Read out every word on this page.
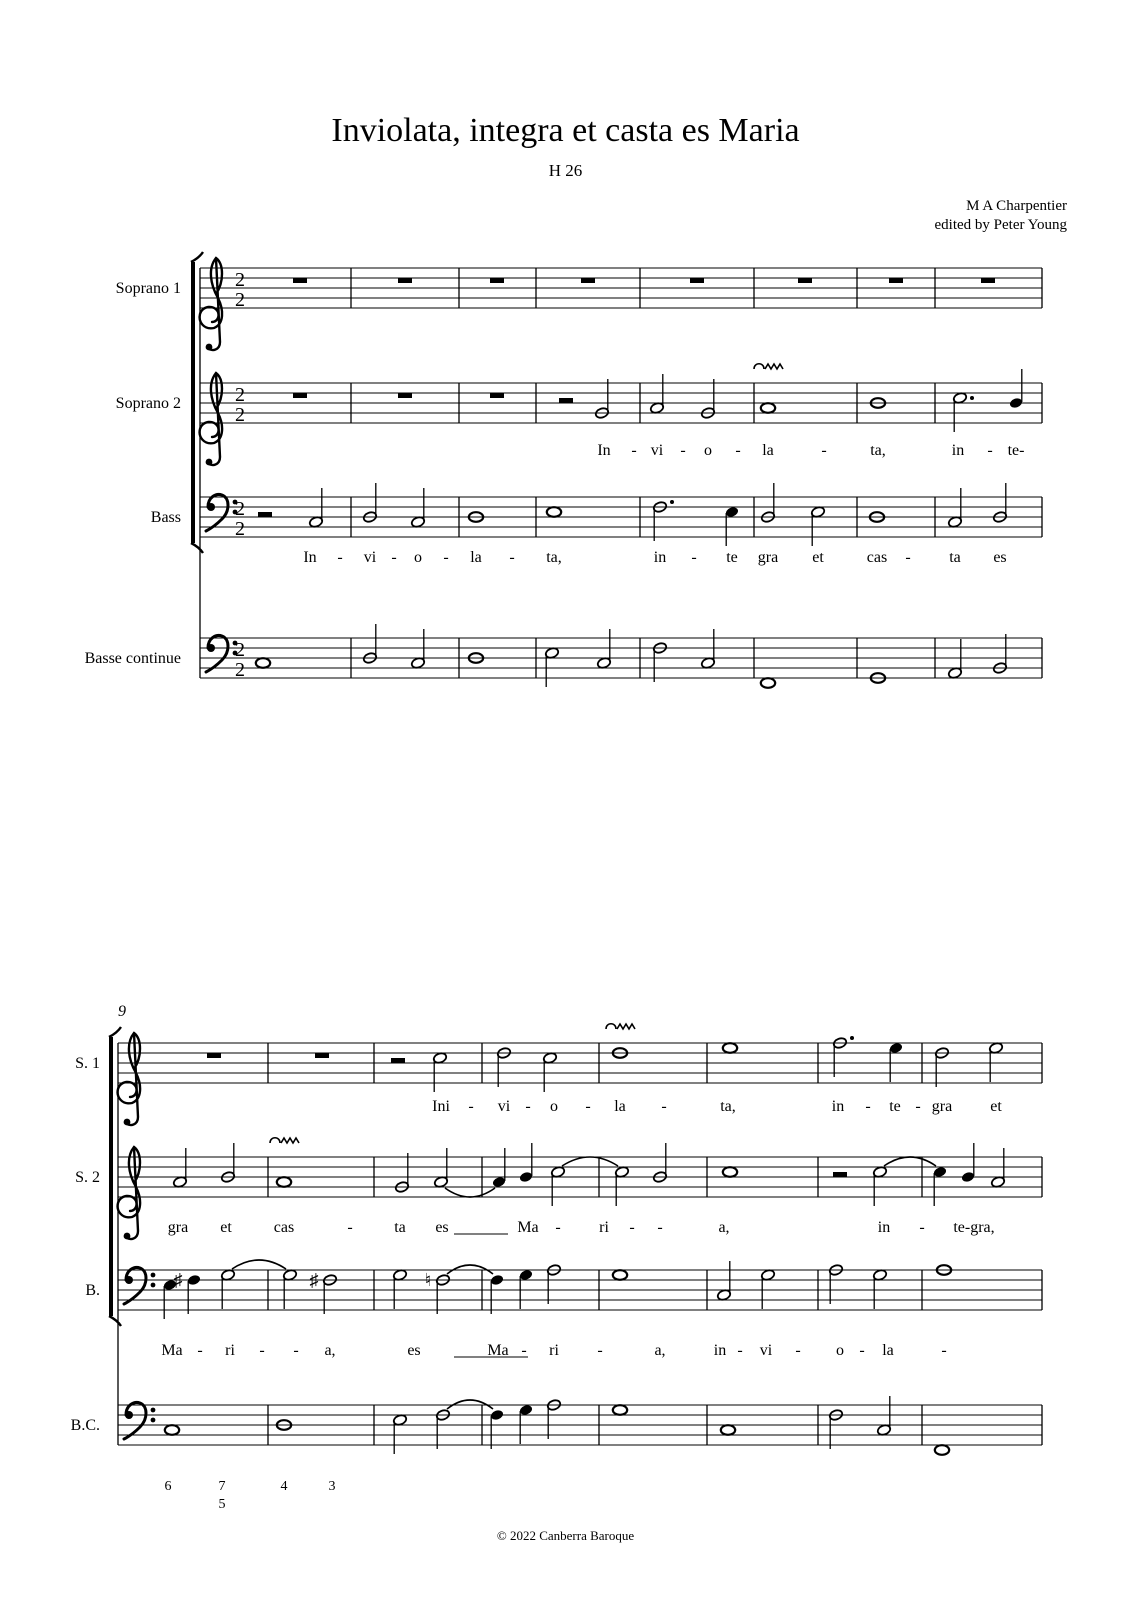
Inviolata, integra et casta es Maria
H 26
M A Charpentier
edited by Peter Young
Soprano 1	2
2
Soprano 2	2
2
Bass	2
2
Basse continue	2
2
In - vi - o - la	-	ta,	in - te-
In - vi - o - la - ta,	in - te gra et	cas - ta es
9
S. 1
S. 2
B.
B.C.
Ini - vi - o - la -	ta,	in - te - gra et
gra et	cas	-	ta es	Ma - ri - -	a,	in - te-gra,
♯	♯	♮
Ma - ri - - a,	es	Ma - ri -	a,	in - vi - o - la	-
6	7
5
4	3
© 2022 Canberra Baroque
